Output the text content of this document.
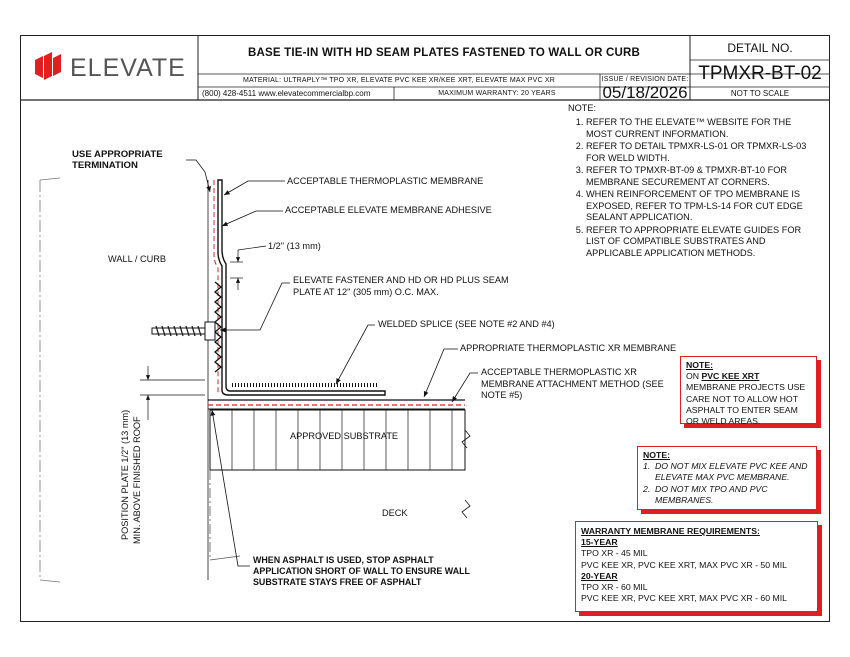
ELEVATE
BASE TIE-IN WITH HD SEAM PLATES FASTENED TO WALL OR CURB
MATERIAL: ULTRAPLY™ TPO XR, ELEVATE PVC KEE XR/KEE XRT, ELEVATE MAX PVC XR
(800) 428-4511 www.elevatecommercialbp.com	MAXIMUM WARRANTY: 20 YEARS
ISSUE / REVISION DATE:
05/18/2026
DETAIL NO.
TPMXR-BT-02
NOT TO SCALE
NOTE:
1. REFER TO THE ELEVATE™ WEBSITE FOR THE MOST CURRENT INFORMATION.
2. REFER TO DETAIL TPMXR-LS-01 OR TPMXR-LS-03 FOR WELD WIDTH.
3. REFER TO TPMXR-BT-09 & TPMXR-BT-10 FOR MEMBRANE SECUREMENT AT CORNERS.
4. WHEN REINFORCEMENT OF TPO MEMBRANE IS EXPOSED, REFER TO TPM-LS-14 FOR CUT EDGE SEALANT APPLICATION.
5. REFER TO APPROPRIATE ELEVATE GUIDES FOR LIST OF COMPATIBLE SUBSTRATES AND APPLICABLE APPLICATION METHODS.
USE APPROPRIATE TERMINATION
ACCEPTABLE THERMOPLASTIC MEMBRANE
ACCEPTABLE ELEVATE MEMBRANE ADHESIVE
1/2" (13 mm)
WALL / CURB
ELEVATE FASTENER AND HD OR HD PLUS SEAM PLATE AT 12" (305 mm) O.C. MAX.
WELDED SPLICE (SEE NOTE #2 AND #4)
APPROPRIATE THERMOPLASTIC XR MEMBRANE
ACCEPTABLE THERMOPLASTIC XR MEMBRANE ATTACHMENT METHOD (SEE NOTE #5)
APPROVED SUBSTRATE
DECK
POSITION PLATE 1/2" (13 mm) MIN. ABOVE FINISHED ROOF
WHEN ASPHALT IS USED, STOP ASPHALT APPLICATION SHORT OF WALL TO ENSURE WALL SUBSTRATE STAYS FREE OF ASPHALT
NOTE:
ON PVC KEE XRT MEMBRANE PROJECTS USE CARE NOT TO ALLOW HOT ASPHALT TO ENTER SEAM OR WELD AREAS.
NOTE:
1. DO NOT MIX ELEVATE PVC KEE AND ELEVATE MAX PVC MEMBRANE.
2. DO NOT MIX TPO AND PVC MEMBRANES.
WARRANTY MEMBRANE REQUIREMENTS:
15-YEAR
TPO XR - 45 MIL
PVC KEE XR, PVC KEE XRT, MAX PVC XR - 50 MIL
20-YEAR
TPO XR - 60 MIL
PVC KEE XR, PVC KEE XRT, MAX PVC XR - 60 MIL
